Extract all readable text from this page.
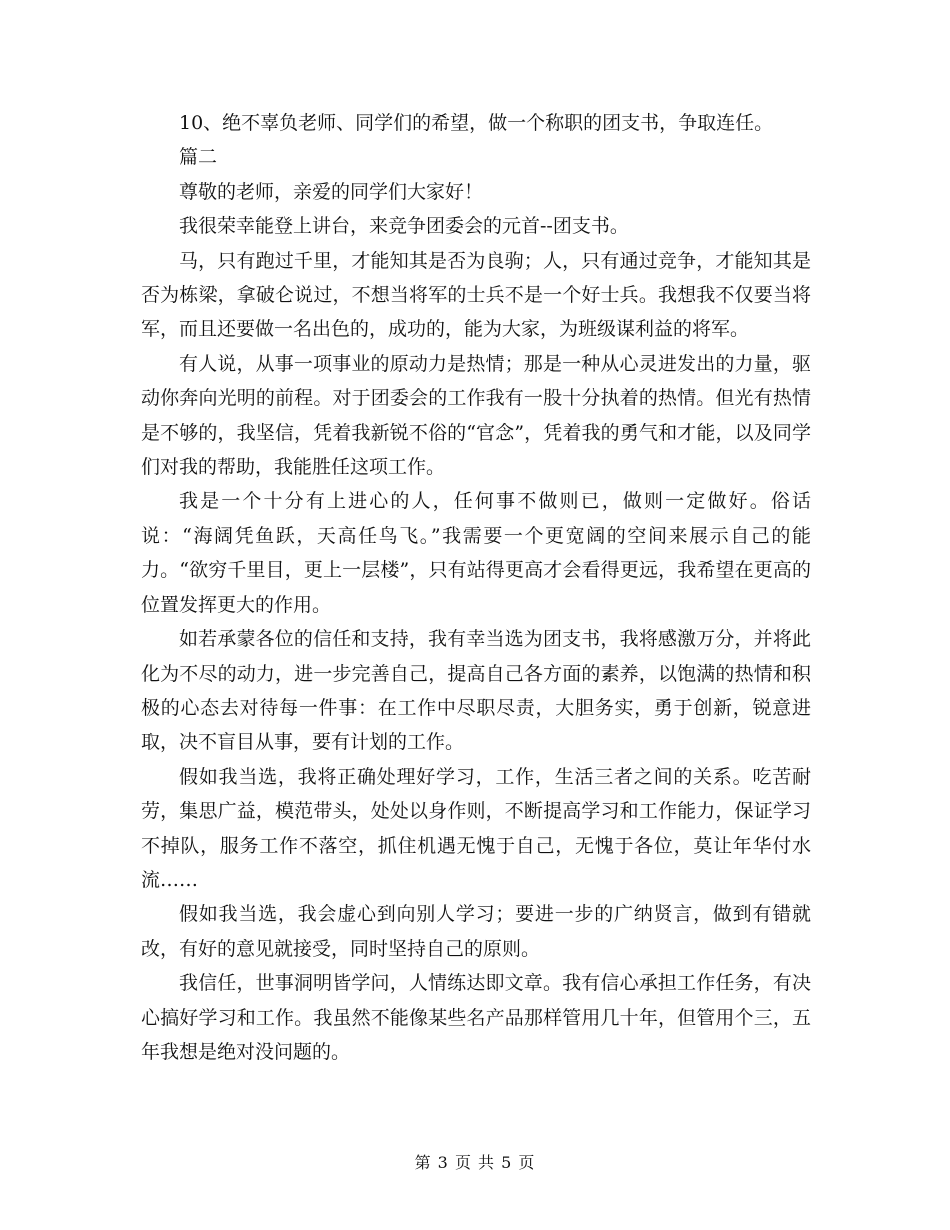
10、绝不辜负老师、同学们的希望，做一个称职的团支书，争取连任。

篇二

尊敬的老师，亲爱的同学们大家好！

我很荣幸能登上讲台，来竞争团委会的元首--团支书。

马，只有跑过千里，才能知其是否为良驹；人，只有通过竞争，才能知其是否为栋梁，拿破仑说过，不想当将军的士兵不是一个好士兵。我想我不仅要当将军，而且还要做一名出色的，成功的，能为大家，为班级谋利益的将军。

有人说，从事一项事业的原动力是热情；那是一种从心灵进发出的力量，驱动你奔向光明的前程。对于团委会的工作我有一股十分执着的热情。但光有热情是不够的，我坚信，凭着我新锐不俗的“官念”，凭着我的勇气和才能，以及同学们对我的帮助，我能胜任这项工作。

我是一个十分有上进心的人，任何事不做则已，做则一定做好。俗话说：“海阔凭鱼跃，天高任鸟飞。”我需要一个更宽阔的空间来展示自己的能力。“欲穷千里目，更上一层楼”，只有站得更高才会看得更远，我希望在更高的位置发挥更大的作用。

如若承蒙各位的信任和支持，我有幸当选为团支书，我将感激万分，并将此化为不尽的动力，进一步完善自己，提高自己各方面的素养，以饱满的热情和积极的心态去对待每一件事：在工作中尽职尽责，大胆务实，勇于创新，锐意进取，决不盲目从事，要有计划的工作。

假如我当选，我将正确处理好学习，工作，生活三者之间的关系。吃苦耐劳，集思广益，模范带头，处处以身作则，不断提高学习和工作能力，保证学习不掉队，服务工作不落空，抓住机遇无愧于自己，无愧于各位，莫让年华付水流……

假如我当选，我会虚心到向别人学习；要进一步的广纳贤言，做到有错就改，有好的意见就接受，同时坚持自己的原则。

我信任，世事洞明皆学问，人情练达即文章。我有信心承担工作任务，有决心搞好学习和工作。我虽然不能像某些名产品那样管用几十年，但管用个三，五年我想是绝对没问题的。

第 3 页 共 5 页
